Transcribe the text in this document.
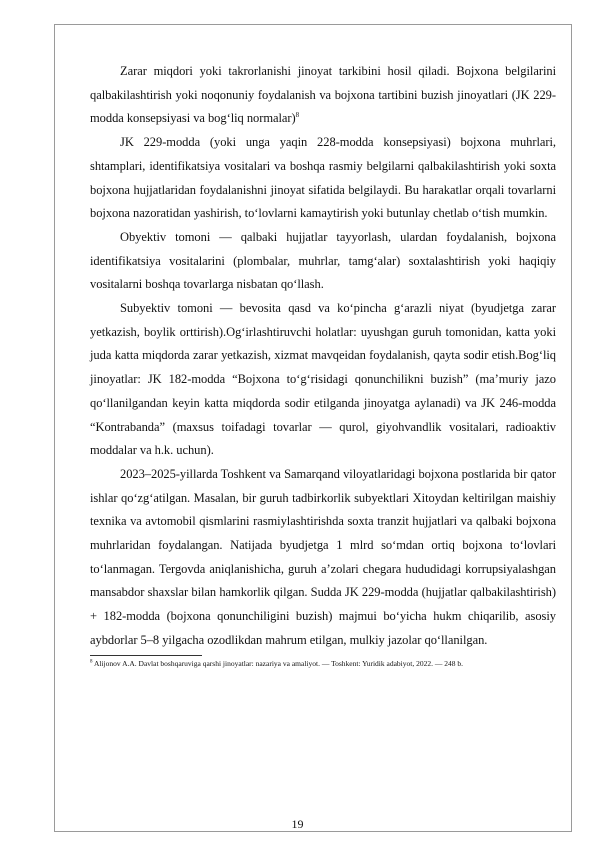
Zarar miqdori yoki takrorlanishi jinoyat tarkibini hosil qiladi. Bojxona belgilarini qalbakilashtirish yoki noqonuniy foydalanish va bojxona tartibini buzish jinoyatlari (JK 229-modda konsepsiyasi va bog‘liq normalar)$^8$

JK 229-modda (yoki unga yaqin 228-modda konsepsiyasi) bojxona muhrlari, shtamplari, identifikatsiya vositalari va boshqa rasmiy belgilarni qalbakilashtirish yoki soxta bojxona hujjatlaridan foydalanishni jinoyat sifatida belgilaydi. Bu harakatlar orqali tovarlarni bojxona nazoratidan yashirish, to‘lovlarni kamaytirish yoki butunlay chetlab o‘tish mumkin.

Obyektiv tomoni — qalbaki hujjatlar tayyorlash, ulardan foydalanish, bojxona identifikatsiya vositalarini (plombalar, muhrlar, tamg‘alar) soxtalashtirish yoki haqiqiy vositalarni boshqa tovarlarga nisbatan qo‘llash.

Subyektiv tomoni — bevosita qasd va ko‘pincha g‘arazli niyat (byudjetga zarar yetkazish, boylik orttirish).Og‘irlashtiruvchi holatlar: uyushgan guruh tomonidan, katta yoki juda katta miqdorda zarar yetkazish, xizmat mavqeidan foydalanish, qayta sodir etish.Bog‘liq jinoyatlar: JK 182-modda “Bojxona to‘g‘risidagi qonunchilikni buzish” (ma’muriy jazo qo‘llanilgandan keyin katta miqdorda sodir etilganda jinoyatga aylanadi) va JK 246-modda “Kontrabanda” (maxsus toifadagi tovarlar — qurol, giyohvandlik vositalari, radioaktiv moddalar va h.k. uchun).

2023–2025-yillarda Toshkent va Samarqand viloyatlaridagi bojxona postlarida bir qator ishlar qo‘zg‘atilgan. Masalan, bir guruh tadbirkorlik subyektlari Xitoydan keltirilgan maishiy texnika va avtomobil qismlarini rasmiylashtirishda soxta tranzit hujjatlari va qalbaki bojxona muhrlaridan foydalangan. Natijada byudjetga 1 mlrd so‘mdan ortiq bojxona to‘lovlari to‘lanmagan. Tergovda aniqlanishicha, guruh a’zolari chegara hududidagi korrupsiyalashgan mansabdor shaxslar bilan hamkorlik qilgan. Sudda JK 229-modda (hujjatlar qalbakilashtirish) + 182-modda (bojxona qonunchiligini buzish) majmui bo‘yicha hukm chiqarilib, asosiy aybdorlar 5–8 yilgacha ozodlikdan mahrum etilgan, mulkiy jazolar qo‘llanilgan.

$^8$ Alijonov A.A. Davlat boshqaruviga qarshi jinoyatlar: nazariya va amaliyot. — Toshkent: Yuridik adabiyot, 2022. — 248 b.

19
